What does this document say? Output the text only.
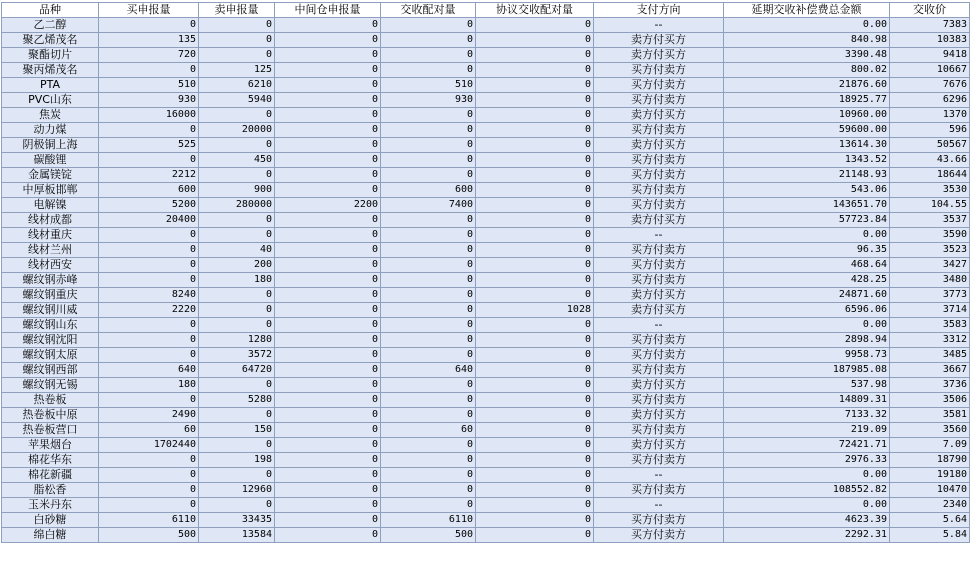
品种	买申报量	卖申报量	中间仓申报量	交收配对量	协议交收配对量	支付方向	延期交收补偿费总金额	交收价
乙二醇	0	0	0	0	0	--	0.00	7383
聚乙烯茂名	135	0	0	0	0	卖方付买方	840.98	10383
聚酯切片	720	0	0	0	0	卖方付买方	3390.48	9418
聚丙烯茂名	0	125	0	0	0	买方付卖方	800.02	10667
PTA	510	6210	0	510	0	买方付卖方	21876.60	7676
PVC山东	930	5940	0	930	0	买方付卖方	18925.77	6296
焦炭	16000	0	0	0	0	卖方付买方	10960.00	1370
动力煤	0	20000	0	0	0	买方付卖方	59600.00	596
阴极铜上海	525	0	0	0	0	卖方付买方	13614.30	50567
碳酸锂	0	450	0	0	0	买方付卖方	1343.52	43.66
金属镁锭	2212	0	0	0	0	买方付卖方	21148.93	18644
中厚板邯郸	600	900	0	600	0	买方付卖方	543.06	3530
电解镍	5200	280000	2200	7400	0	买方付卖方	143651.70	104.55
线材成都	20400	0	0	0	0	卖方付买方	57723.84	3537
线材重庆	0	0	0	0	0	--	0.00	3590
线材兰州	0	40	0	0	0	买方付卖方	96.35	3523
线材西安	0	200	0	0	0	买方付卖方	468.64	3427
螺纹钢赤峰	0	180	0	0	0	买方付卖方	428.25	3480
螺纹钢重庆	8240	0	0	0	0	卖方付买方	24871.60	3773
螺纹钢川威	2220	0	0	0	1028	卖方付买方	6596.06	3714
螺纹钢山东	0	0	0	0	0	--	0.00	3583
螺纹钢沈阳	0	1280	0	0	0	买方付卖方	2898.94	3312
螺纹钢太原	0	3572	0	0	0	买方付卖方	9958.73	3485
螺纹钢西部	640	64720	0	640	0	买方付卖方	187985.08	3667
螺纹钢无锡	180	0	0	0	0	卖方付买方	537.98	3736
热卷板	0	5280	0	0	0	买方付卖方	14809.31	3506
热卷板中原	2490	0	0	0	0	卖方付买方	7133.32	3581
热卷板营口	60	150	0	60	0	买方付卖方	219.09	3560
苹果烟台	1702440	0	0	0	0	卖方付买方	72421.71	7.09
棉花华东	0	198	0	0	0	买方付卖方	2976.33	18790
棉花新疆	0	0	0	0	0	--	0.00	19180
脂松香	0	12960	0	0	0	买方付卖方	108552.82	10470
玉米丹东	0	0	0	0	0	--	0.00	2340
白砂糖	6110	33435	0	6110	0	买方付卖方	4623.39	5.64
绵白糖	500	13584	0	500	0	买方付卖方	2292.31	5.84
